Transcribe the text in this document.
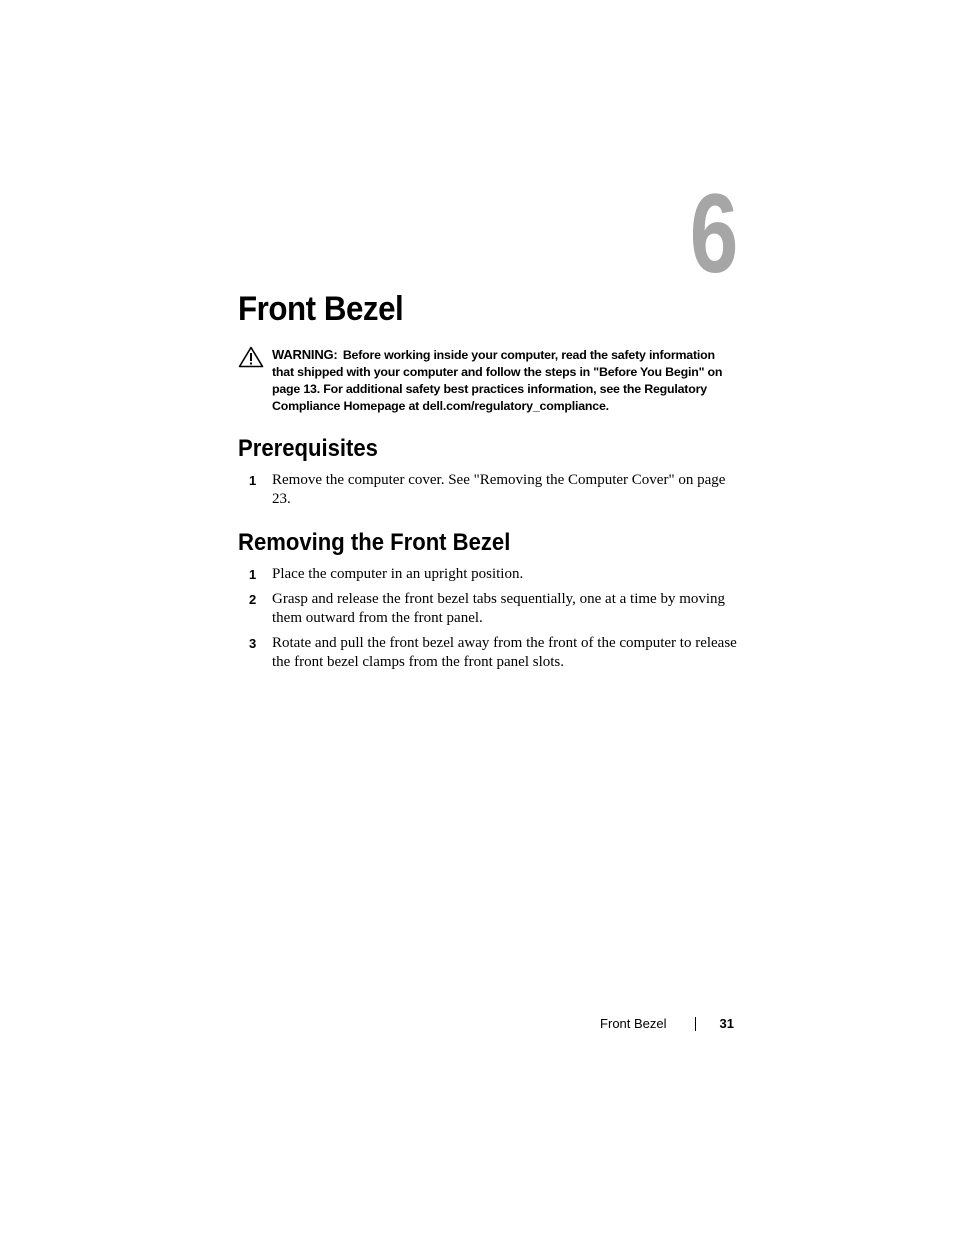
6
Front Bezel
WARNING: Before working inside your computer, read the safety information that shipped with your computer and follow the steps in "Before You Begin" on page 13. For additional safety best practices information, see the Regulatory Compliance Homepage at dell.com/regulatory_compliance.
Prerequisites
1 Remove the computer cover. See "Removing the Computer Cover" on page 23.
Removing the Front Bezel
1 Place the computer in an upright position.
2 Grasp and release the front bezel tabs sequentially, one at a time by moving them outward from the front panel.
3 Rotate and pull the front bezel away from the front of the computer to release the front bezel clamps from the front panel slots.
Front Bezel	31
